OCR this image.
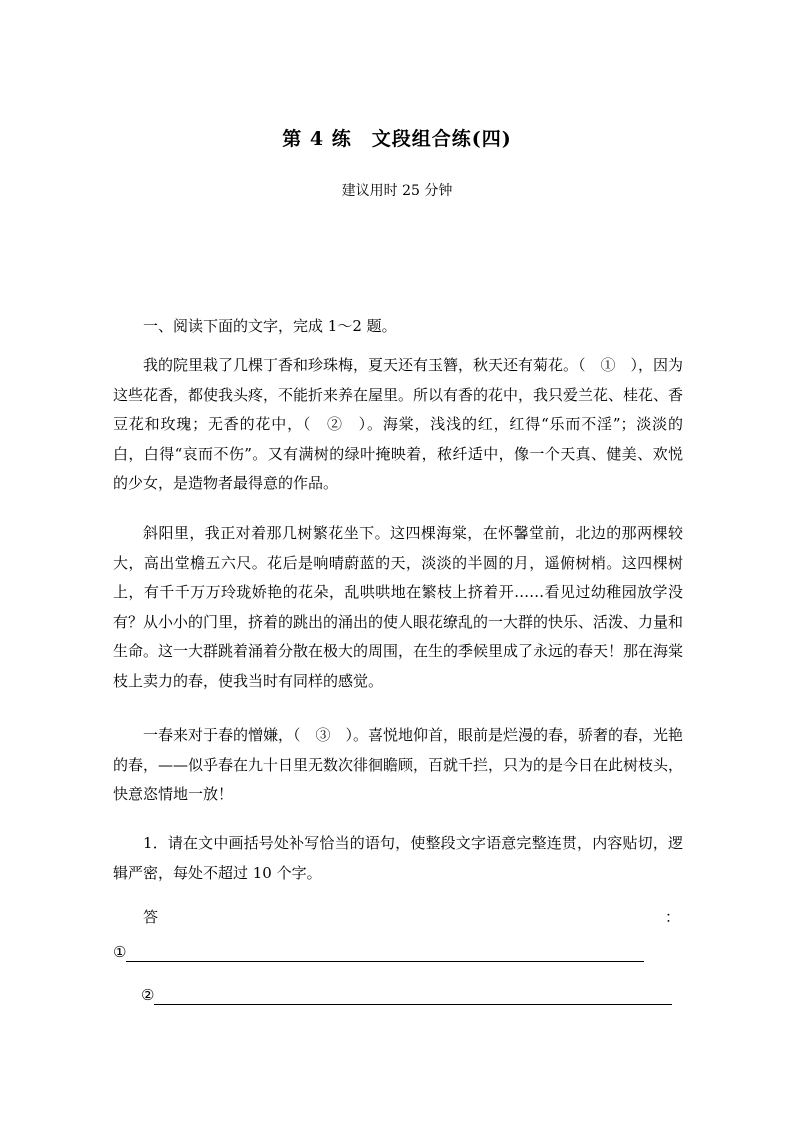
第 4 练　文段组合练(四)
建议用时 25 分钟

一、阅读下面的文字，完成 1～2 题。

我的院里栽了几棵丁香和珍珠梅，夏天还有玉簪，秋天还有菊花。（　①　），因为这些花香，都使我头疼，不能折来养在屋里。所以有香的花中，我只爱兰花、桂花、香豆花和玫瑰；无香的花中，（　②　）。海棠，浅浅的红，红得“乐而不淫”；淡淡的白，白得“哀而不伤”。又有满树的绿叶掩映着，秾纤适中，像一个天真、健美、欢悦的少女，是造物者最得意的作品。

斜阳里，我正对着那几树繁花坐下。这四棵海棠，在怀馨堂前，北边的那两棵较大，高出堂檐五六尺。花后是响晴蔚蓝的天，淡淡的半圆的月，遥俯树梢。这四棵树上，有千千万万玲珑娇艳的花朵，乱哄哄地在繁枝上挤着开……看见过幼稚园放学没有？从小小的门里，挤着的跳出的涌出的使人眼花缭乱的一大群的快乐、活泼、力量和生命。这一大群跳着涌着分散在极大的周围，在生的季候里成了永远的春天！那在海棠枝上卖力的春，使我当时有同样的感觉。

一春来对于春的憎嫌，（　③　）。喜悦地仰首，眼前是烂漫的春，骄奢的春，光艳的春，——似乎春在九十日里无数次徘徊瞻顾，百就千拦，只为的是今日在此树枝头，快意恣情地一放！

1．请在文中画括号处补写恰当的语句，使整段文字语意完整连贯，内容贴切，逻辑严密，每处不超过 10 个字。

答	：
①
②
